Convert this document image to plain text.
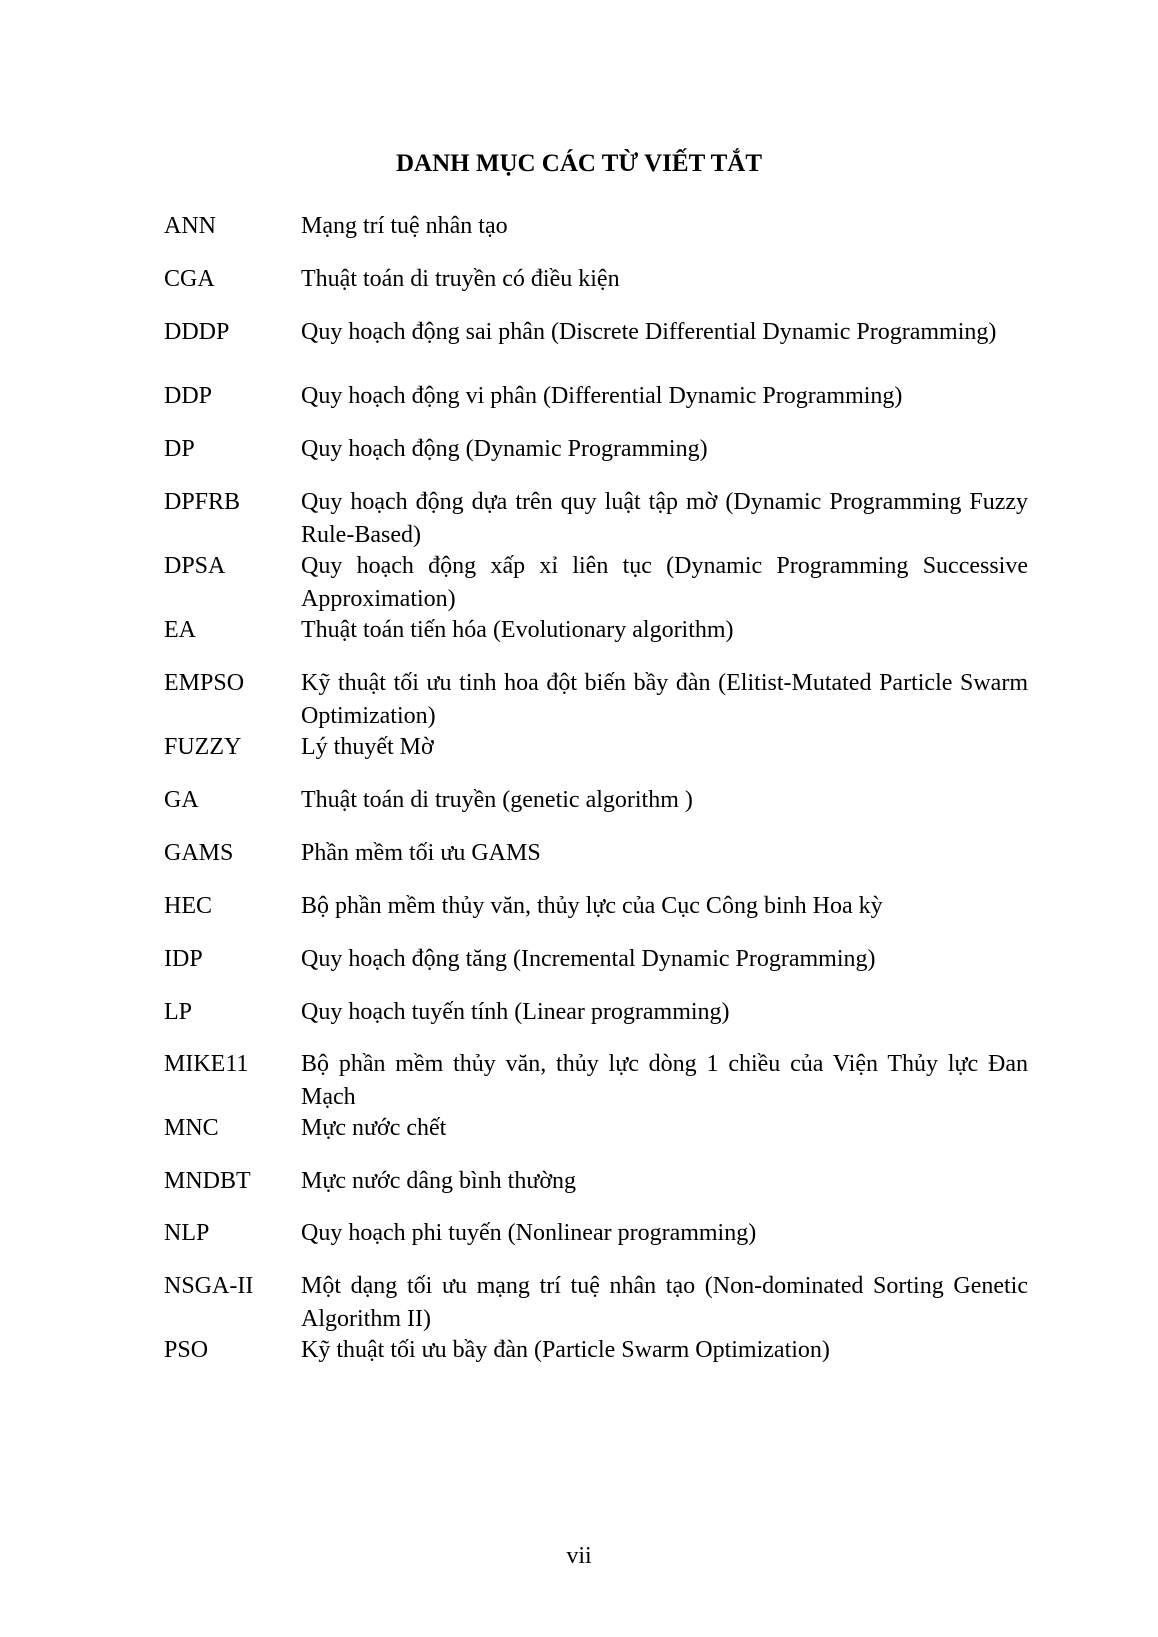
DANH MỤC CÁC TỪ VIẾT TẮT
ANN	Mạng trí tuệ nhân tạo
CGA	Thuật toán di truyền có điều kiện
DDDP	Quy hoạch động sai phân (Discrete Differential Dynamic Programming)
DDP	Quy hoạch động vi phân (Differential Dynamic Programming)
DP	Quy hoạch động (Dynamic Programming)
DPFRB	Quy hoạch động dựa trên quy luật tập mờ (Dynamic Programming Fuzzy Rule-Based)
DPSA	Quy hoạch động xấp xỉ liên tục (Dynamic Programming Successive Approximation)
EA	Thuật toán tiến hóa (Evolutionary algorithm)
EMPSO Kỹ thuật tối ưu tinh hoa đột biến bầy đàn (Elitist-Mutated Particle Swarm Optimization)
FUZZY Lý thuyết Mờ
GA	Thuật toán di truyền (genetic algorithm )
GAMS	Phần mềm tối ưu GAMS
HEC	Bộ phần mềm thủy văn, thủy lực của Cục Công binh Hoa kỳ
IDP	Quy hoạch động tăng (Incremental Dynamic Programming)
LP	Quy hoạch tuyến tính (Linear programming)
MIKE11 Bộ phần mềm thủy văn, thủy lực dòng 1 chiều của Viện Thủy lực Đan Mạch
MNC	Mực nước chết
MNDBT Mực nước dâng bình thường
NLP	Quy hoạch phi tuyến (Nonlinear programming)
NSGA-II Một dạng tối ưu mạng trí tuệ nhân tạo (Non-dominated Sorting Genetic Algorithm II)
PSO	Kỹ thuật tối ưu bầy đàn (Particle Swarm Optimization)
vii
